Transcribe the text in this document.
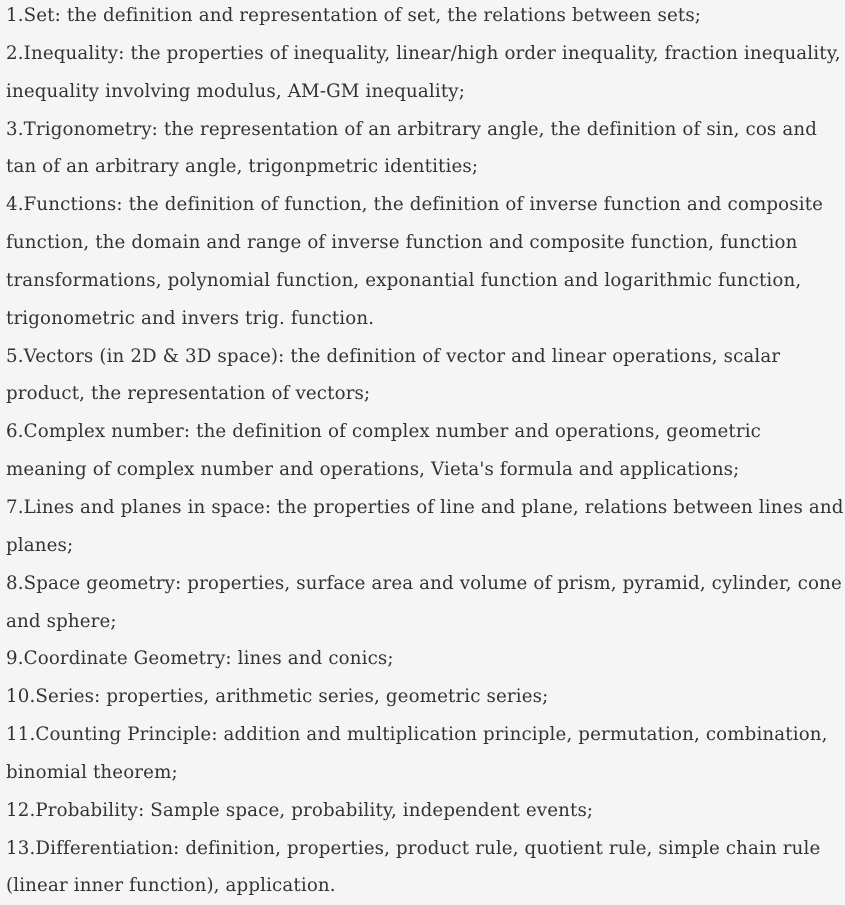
1.Set: the definition and representation of set, the relations between sets;

2.Inequality: the properties of inequality, linear/high order inequality, fraction inequality, inequality involving modulus, AM-GM inequality;

3.Trigonometry: the representation of an arbitrary angle, the definition of sin, cos and tan of an arbitrary angle, trigonpmetric identities;

4.Functions: the definition of function, the definition of inverse function and composite function, the domain and range of inverse function and composite function, function transformations, polynomial function, exponantial function and logarithmic function, trigonometric and invers trig. function.

5.Vectors (in 2D & 3D space): the definition of vector and linear operations, scalar product, the representation of vectors;

6.Complex number: the definition of complex number and operations, geometric meaning of complex number and operations, Vieta's formula and applications;

7.Lines and planes in space: the properties of line and plane, relations between lines and planes;

8.Space geometry: properties, surface area and volume of prism, pyramid, cylinder, cone and sphere;

9.Coordinate Geometry: lines and conics;

10.Series: properties, arithmetic series, geometric series;

11.Counting Principle: addition and multiplication principle, permutation, combination, binomial theorem;

12.Probability: Sample space, probability, independent events;

13.Differentiation: definition, properties, product rule, quotient rule, simple chain rule (linear inner function), application.
